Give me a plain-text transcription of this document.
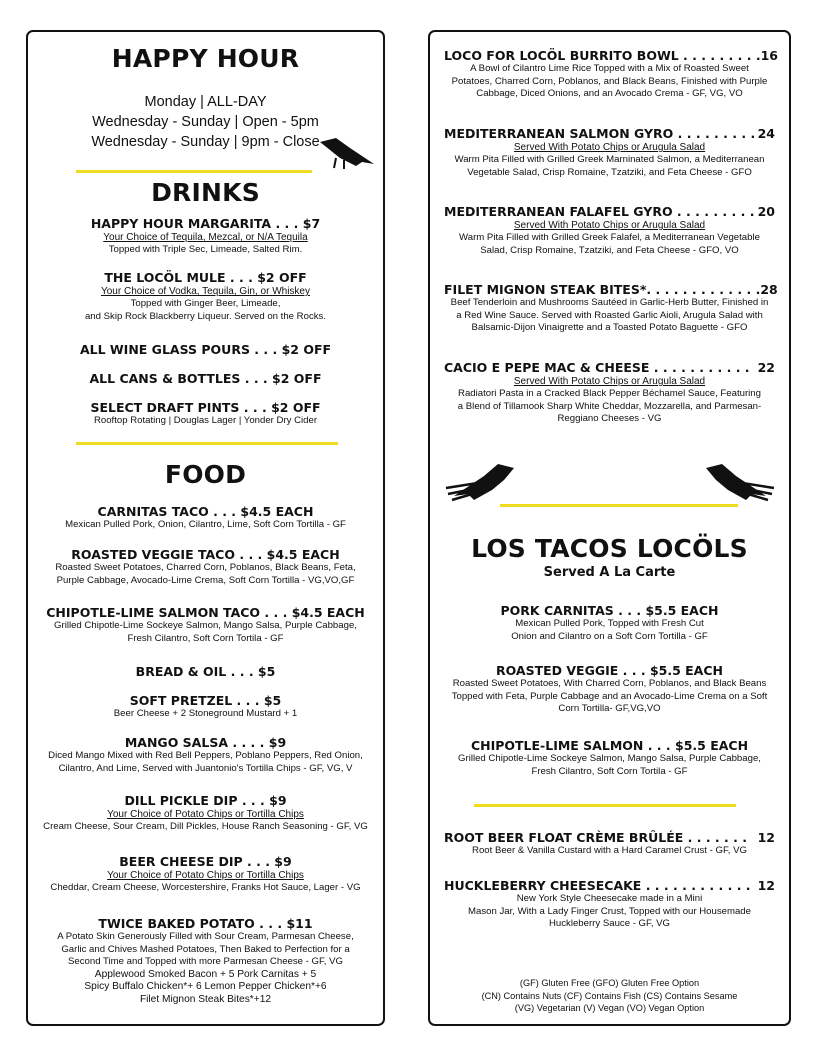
HAPPY HOUR
Monday | ALL-DAY
Wednesday - Sunday | Open - 5pm
Wednesday - Sunday | 9pm - Close
DRINKS
HAPPY HOUR MARGARITA . . . $7
Your Choice of Tequila, Mezcal, or N/A Tequila
Topped with Triple Sec, Limeade, Salted Rim.
THE LOCÖL MULE . . . $2 OFF
Your Choice of Vodka, Tequila, Gin, or Whiskey
Topped with Ginger Beer, Limeade,
and Skip Rock Blackberry Liqueur. Served on the Rocks.
ALL WINE GLASS POURS . . . $2 OFF
ALL CANS & BOTTLES . . . $2 OFF
SELECT DRAFT PINTS . . . $2 OFF
Rooftop Rotating | Douglas Lager | Yonder Dry Cider
FOOD
CARNITAS TACO . . . $4.5 EACH
Mexican Pulled Pork, Onion, Cilantro, Lime, Soft Corn Tortilla - GF
ROASTED VEGGIE TACO . . . $4.5 EACH
Roasted Sweet Potatoes, Charred Corn, Poblanos, Black Beans, Feta,
Purple Cabbage, Avocado-Lime Crema, Soft Corn Tortilla - VG,VO,GF
CHIPOTLE-LIME SALMON TACO . . . $4.5 EACH
Grilled Chipotle-Lime Sockeye Salmon, Mango Salsa, Purple Cabbage,
Fresh Cilantro, Soft Corn Tortila - GF
BREAD & OIL . . . $5
SOFT PRETZEL . . . $5
Beer Cheese + 2 Stoneground Mustard + 1
MANGO SALSA . . . . $9
Diced Mango Mixed with Red Bell Peppers, Poblano Peppers, Red Onion,
Cilantro, And Lime, Served with Juantonio's Tortilla Chips - GF, VG, V
DILL PICKLE DIP . . . $9
Your Choice of Potato Chips or Tortilla Chips
Cream Cheese, Sour Cream, Dill Pickles, House Ranch Seasoning - GF, VG
BEER CHEESE DIP . . . $9
Your Choice of Potato Chips or Tortilla Chips
Cheddar, Cream Cheese, Worcestershire, Franks Hot Sauce, Lager - VG
TWICE BAKED POTATO . . . $11
A Potato Skin Generously Filled with Sour Cream, Parmesan Cheese,
Garlic and Chives Mashed Potatoes, Then Baked to Perfection for a
Second Time and Topped with more Parmesan Cheese - GF, VG
Applewood Smoked Bacon + 5 Pork Carnitas + 5
Spicy Buffalo Chicken*+ 6 Lemon Pepper Chicken*+6
Filet Mignon Steak Bites*+12
LOCO FOR LOCÖL BURRITO BOWL . . . . . . . . . 16
A Bowl of Cilantro Lime Rice Topped with a Mix of Roasted Sweet
Potatoes, Charred Corn, Poblanos, and Black Beans, Finished with Purple
Cabbage, Diced Onions, and an Avocado Crema - GF, VG, VO
MEDITERRANEAN SALMON GYRO . . . . . . . . . 24
Served With Potato Chips or Arugula Salad
Warm Pita Filled with Grilled Greek Marninated Salmon, a Mediterranean
Vegetable Salad, Crisp Romaine, Tzatziki, and Feta Cheese - GFO
MEDITERRANEAN FALAFEL GYRO . . . . . . . . . 20
Served With Potato Chips or Arugula Salad
Warm Pita Filled with Grilled Greek Falafel, a Mediterranean Vegetable
Salad, Crisp Romaine, Tzatziki, and Feta Cheese - GFO, VO
FILET MIGNON STEAK BITES*. . . . . . . . . . . . . 28
Beef Tenderloin and Mushrooms Sautéed in Garlic-Herb Butter, Finished in
a Red Wine Sauce. Served with Roasted Garlic Aioli, Arugula Salad with
Balsamic-Dijon Vinaigrette and a Toasted Potato Baguette - GFO
CACIO E PEPE MAC & CHEESE . . . . . . . . . . . 22
Served With Potato Chips or Arugula Salad
Radiatori Pasta in a Cracked Black Pepper Béchamel Sauce, Featuring
a Blend of Tillamook Sharp White Cheddar, Mozzarella, and Parmesan-
Reggiano Cheeses - VG
LOS TACOS LOCÖLS
Served A La Carte
PORK CARNITAS . . . $5.5 EACH
Mexican Pulled Pork, Topped with Fresh Cut
Onion and Cilantro on a Soft Corn Tortilla - GF
ROASTED VEGGIE . . . $5.5 EACH
Roasted Sweet Potatoes, With Charred Corn, Poblanos, and Black Beans
Topped with Feta, Purple Cabbage and an Avocado-Lime Crema on a Soft
Corn Tortilla- GF,VG,VO
CHIPOTLE-LIME SALMON . . . $5.5 EACH
Grilled Chipotle-Lime Sockeye Salmon, Mango Salsa, Purple Cabbage,
Fresh Cilantro, Soft Corn Tortila - GF
ROOT BEER FLOAT CRÈME BRÛLÉE . . . . . . . 12
Root Beer & Vanilla Custard with a Hard Caramel Crust - GF, VG
HUCKLEBERRY CHEESECAKE . . . . . . . . . . . . 12
New York Style Cheesecake made in a Mini
Mason Jar, With a Lady Finger Crust, Topped with our Housemade
Huckleberry Sauce - GF, VG
(GF) Gluten Free (GFO) Gluten Free Option
(CN) Contains Nuts (CF) Contains Fish (CS) Contains Sesame
(VG) Vegetarian (V) Vegan (VO) Vegan Option
